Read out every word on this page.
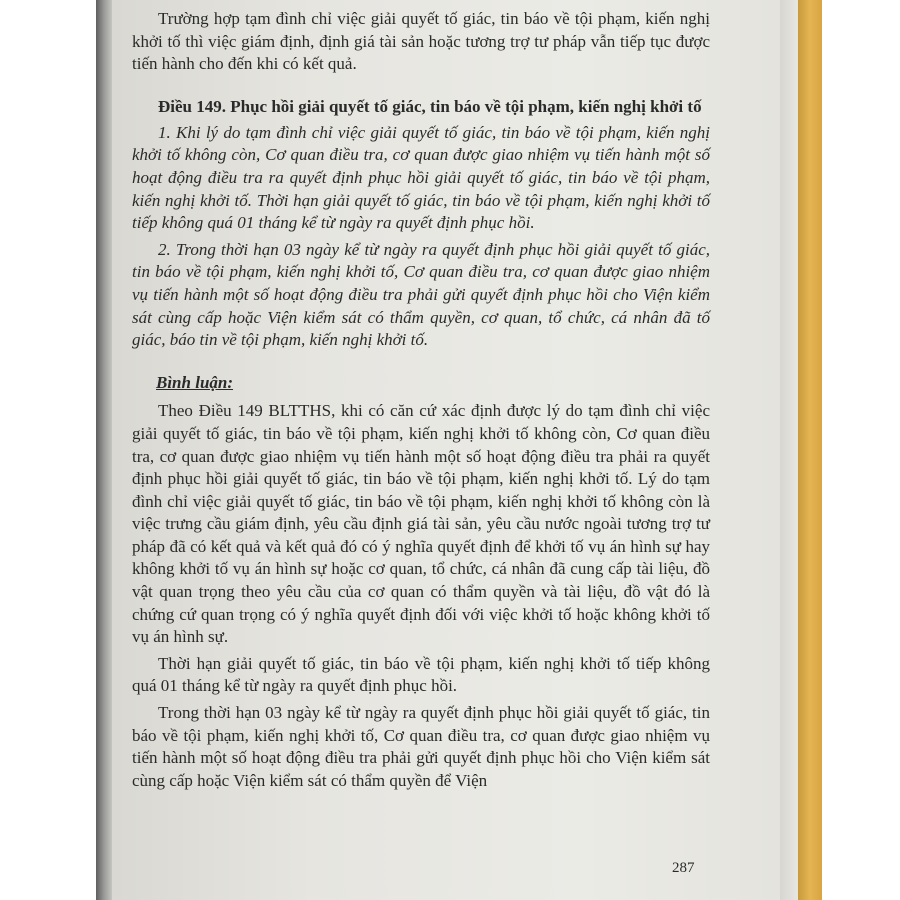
Trường hợp tạm đình chỉ việc giải quyết tố giác, tin báo về tội phạm, kiến nghị khởi tố thì việc giám định, định giá tài sản hoặc tương trợ tư pháp vẫn tiếp tục được tiến hành cho đến khi có kết quả.

Điều 149. Phục hồi giải quyết tố giác, tin báo về tội phạm, kiến nghị khởi tố

1. Khi lý do tạm đình chỉ việc giải quyết tố giác, tin báo về tội phạm, kiến nghị khởi tố không còn, Cơ quan điều tra, cơ quan được giao nhiệm vụ tiến hành một số hoạt động điều tra ra quyết định phục hồi giải quyết tố giác, tin báo về tội phạm, kiến nghị khởi tố. Thời hạn giải quyết tố giác, tin báo về tội phạm, kiến nghị khởi tố tiếp không quá 01 tháng kể từ ngày ra quyết định phục hồi.

2. Trong thời hạn 03 ngày kể từ ngày ra quyết định phục hồi giải quyết tố giác, tin báo về tội phạm, kiến nghị khởi tố, Cơ quan điều tra, cơ quan được giao nhiệm vụ tiến hành một số hoạt động điều tra phải gửi quyết định phục hồi cho Viện kiểm sát cùng cấp hoặc Viện kiểm sát có thẩm quyền, cơ quan, tổ chức, cá nhân đã tố giác, báo tin về tội phạm, kiến nghị khởi tố.

Bình luận:

Theo Điều 149 BLTTHS, khi có căn cứ xác định được lý do tạm đình chỉ việc giải quyết tố giác, tin báo về tội phạm, kiến nghị khởi tố không còn, Cơ quan điều tra, cơ quan được giao nhiệm vụ tiến hành một số hoạt động điều tra phải ra quyết định phục hồi giải quyết tố giác, tin báo về tội phạm, kiến nghị khởi tố. Lý do tạm đình chỉ việc giải quyết tố giác, tin báo về tội phạm, kiến nghị khởi tố không còn là việc trưng cầu giám định, yêu cầu định giá tài sản, yêu cầu nước ngoài tương trợ tư pháp đã có kết quả và kết quả đó có ý nghĩa quyết định để khởi tố vụ án hình sự hay không khởi tố vụ án hình sự hoặc cơ quan, tổ chức, cá nhân đã cung cấp tài liệu, đồ vật quan trọng theo yêu cầu của cơ quan có thẩm quyền và tài liệu, đồ vật đó là chứng cứ quan trọng có ý nghĩa quyết định đối với việc khởi tố hoặc không khởi tố vụ án hình sự.

Thời hạn giải quyết tố giác, tin báo về tội phạm, kiến nghị khởi tố tiếp không quá 01 tháng kể từ ngày ra quyết định phục hồi.

Trong thời hạn 03 ngày kể từ ngày ra quyết định phục hồi giải quyết tố giác, tin báo về tội phạm, kiến nghị khởi tố, Cơ quan điều tra, cơ quan được giao nhiệm vụ tiến hành một số hoạt động điều tra phải gửi quyết định phục hồi cho Viện kiểm sát cùng cấp hoặc Viện kiểm sát có thẩm quyền để Viện

287
